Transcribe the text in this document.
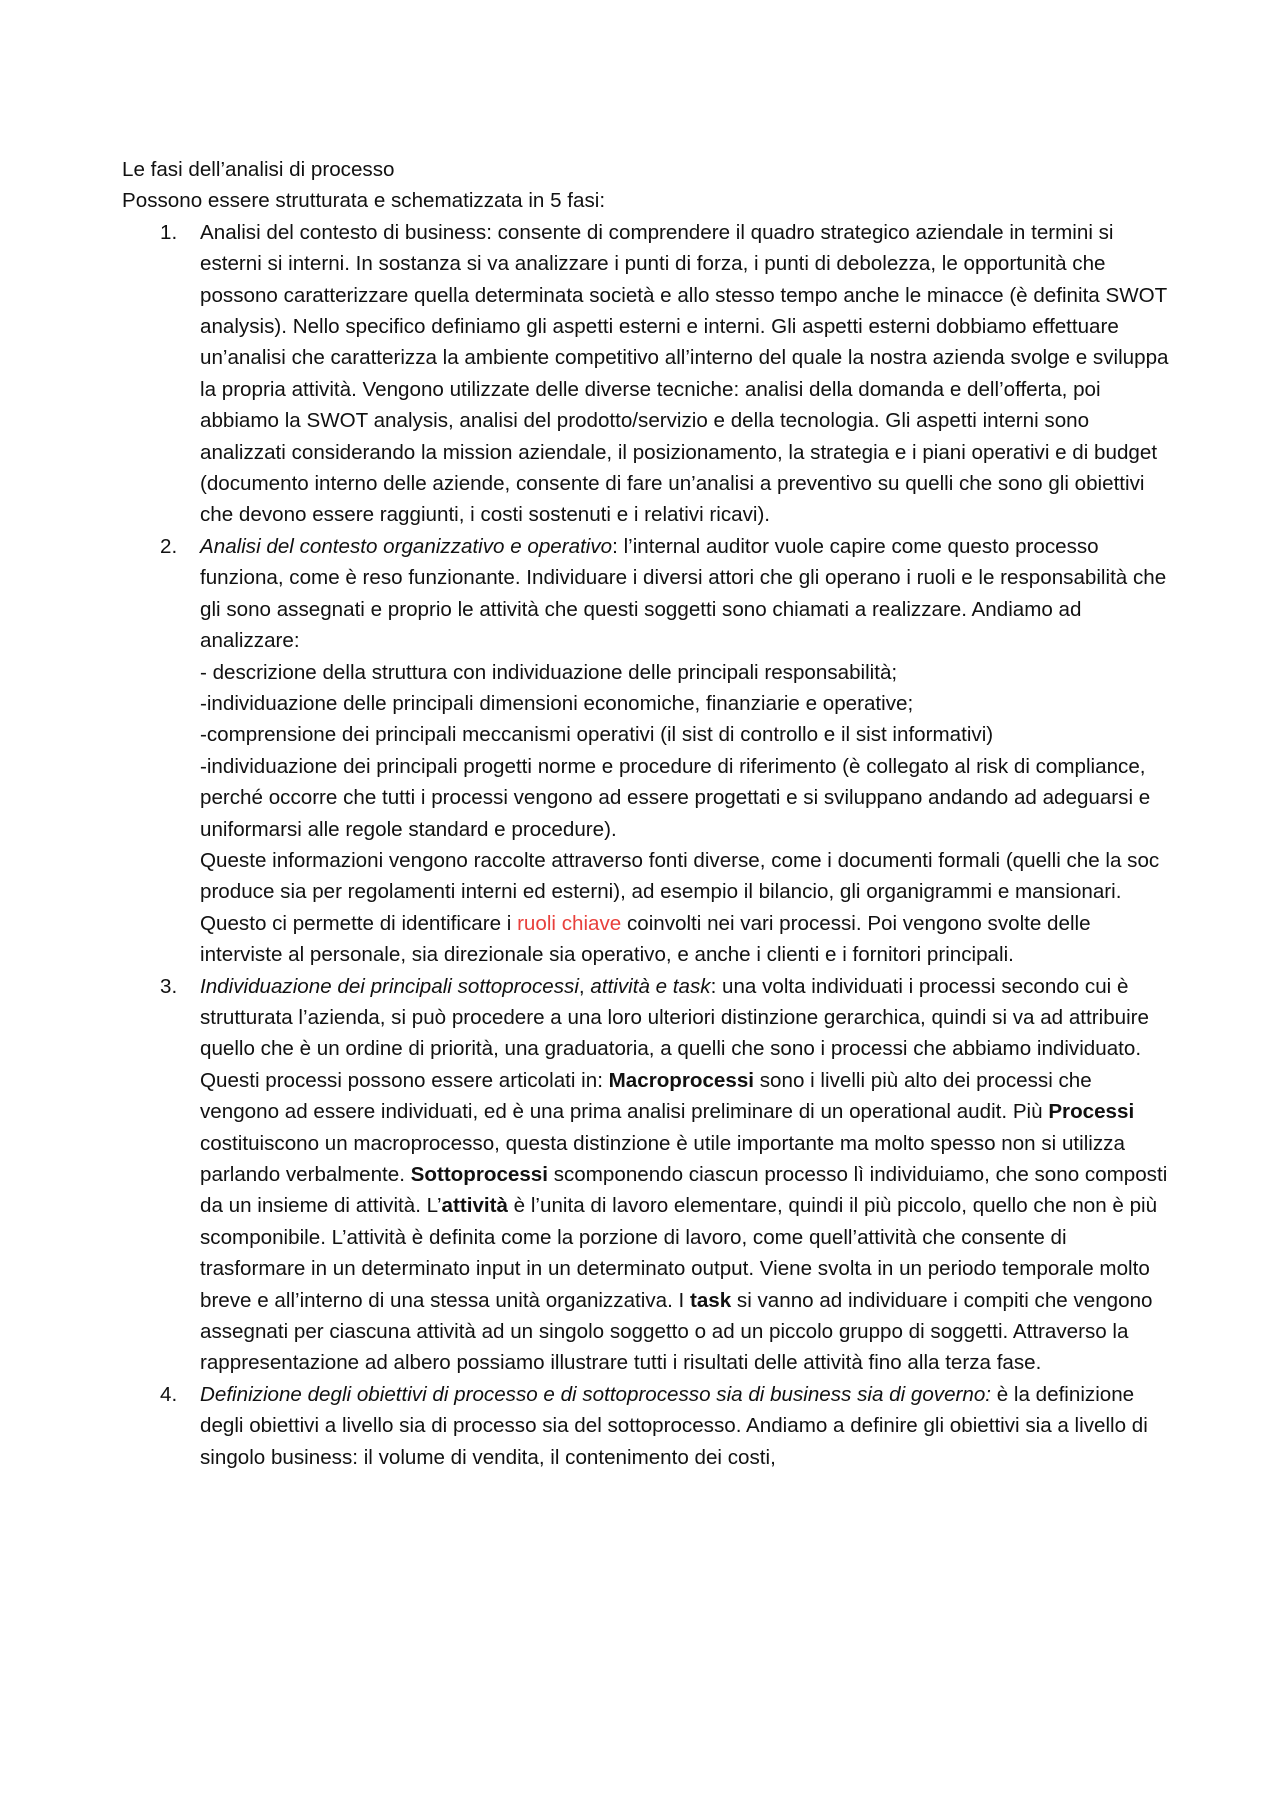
Le fasi dell’analisi di processo
Possono essere strutturata e schematizzata in 5 fasi:
1. Analisi del contesto di business: consente di comprendere il quadro strategico aziendale in termini si esterni si interni. In sostanza si va analizzare i punti di forza, i punti di debolezza, le opportunità che possono caratterizzare quella determinata società e allo stesso tempo anche le minacce (è definita SWOT analysis). Nello specifico definiamo gli aspetti esterni e interni. Gli aspetti esterni dobbiamo effettuare un’analisi che caratterizza la ambiente competitivo all’interno del quale la nostra azienda svolge e sviluppa la propria attività. Vengono utilizzate delle diverse tecniche: analisi della domanda e dell’offerta, poi abbiamo la SWOT analysis, analisi del prodotto/servizio e della tecnologia. Gli aspetti interni sono analizzati considerando la mission aziendale, il posizionamento, la strategia e i piani operativi e di budget (documento interno delle aziende, consente di fare un’analisi a preventivo su quelli che sono gli obiettivi che devono essere raggiunti, i costi sostenuti e i relativi ricavi).
2. Analisi del contesto organizzativo e operativo: l’internal auditor vuole capire come questo processo funziona, come è reso funzionante. Individuare i diversi attori che gli operano i ruoli e le responsabilità che gli sono assegnati e proprio le attività che questi soggetti sono chiamati a realizzare. Andiamo ad analizzare:
- descrizione della struttura con individuazione delle principali responsabilità;
-individuazione delle principali dimensioni economiche, finanziarie e operative;
-comprensione dei principali meccanismi operativi (il sist di controllo e il sist informativi)
-individuazione dei principali progetti norme e procedure di riferimento (è collegato al risk di compliance, perché occorre che tutti i processi vengono ad essere progettati e si sviluppano andando ad adeguarsi e uniformarsi alle regole standard e procedure).
Queste informazioni vengono raccolte attraverso fonti diverse, come i documenti formali (quelli che la soc produce sia per regolamenti interni ed esterni), ad esempio il bilancio, gli organigrammi e mansionari. Questo ci permette di identificare i ruoli chiave coinvolti nei vari processi. Poi vengono svolte delle interviste al personale, sia direzionale sia operativo, e anche i clienti e i fornitori principali.
3. Individuazione dei principali sottoprocessi, attività e task: una volta individuati i processi secondo cui è strutturata l’azienda, si può procedere a una loro ulteriori distinzione gerarchica, quindi si va ad attribuire quello che è un ordine di priorità, una graduatoria, a quelli che sono i processi che abbiamo individuato. Questi processi possono essere articolati in: Macroprocessi sono i livelli più alto dei processi che vengono ad essere individuati, ed è una prima analisi preliminare di un operational audit. Più Processi costituiscono un macroprocesso, questa distinzione è utile importante ma molto spesso non si utilizza parlando verbalmente. Sottoprocessi scomponendo ciascun processo lì individuiamo, che sono composti da un insieme di attività. L’attività è l’unita di lavoro elementare, quindi il più piccolo, quello che non è più scomponibile. L’attività è definita come la porzione di lavoro, come quell’attività che consente di trasformare in un determinato input in un determinato output. Viene svolta in un periodo temporale molto breve e all’interno di una stessa unità organizzativa. I task si vanno ad individuare i compiti che vengono assegnati per ciascuna attività ad un singolo soggetto o ad un piccolo gruppo di soggetti. Attraverso la rappresentazione ad albero possiamo illustrare tutti i risultati delle attività fino alla terza fase.
4. Definizione degli obiettivi di processo e di sottoprocesso sia di business sia di governo: è la definizione degli obiettivi a livello sia di processo sia del sottoprocesso. Andiamo a definire gli obiettivi sia a livello di singolo business: il volume di vendita, il contenimento dei costi,
